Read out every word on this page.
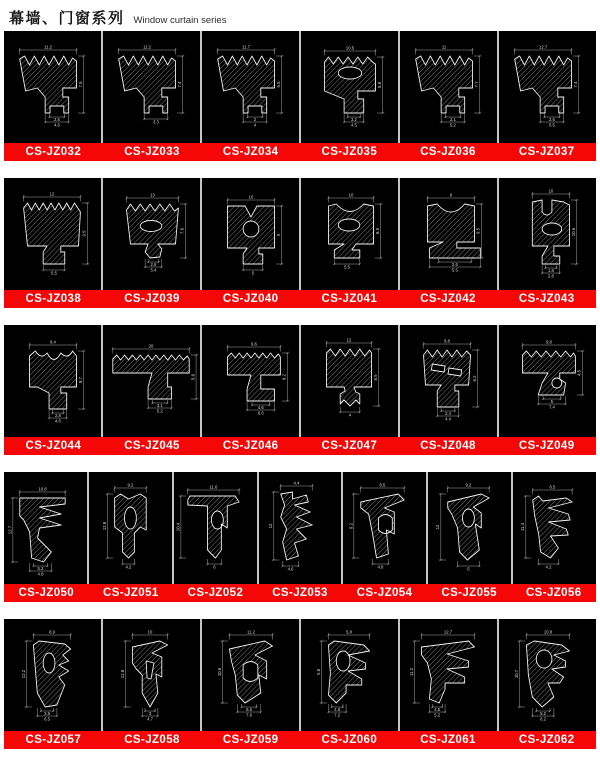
幕墙、门窗系列 Window curtain series
11.2
7.5
2.5
4.6
11.2
7.4
3.3
11.7
5.5
2
4
10.5
5.8
3.2
4.5
11
7.7
2.1
5.2
12.7
7.4
2.6
5.5
CS-JZ032	CS-JZ033	CS-JZ034	CS-JZ035	CS-JZ036	CS-JZ037
12
9.5
5.5
13
7.6
2.6
5.4
10
9
5
10
8.5
5.5
9
9.5
2.6
5.5
10
10.6
1.8
2.8
CS-JZ038	CS-JZ039	CS-JZ040	CS-JZ041	CS-JZ042	CS-JZ043
9.4
8.7
2.8
4.6
20
5.6
3.1
5.2
9.6
8.2
4.6
6.6
12
8.9
4
8.8
6.2
2.4
4.4
9.8
4.5
5
7.4
CS-JZ044	CS-JZ045	CS-JZ046	CS-JZ047	CS-JZ048	CS-JZ049
10.8
12.7
5.2
4.8
9.2
12.8
4.2
11.6
10.4
6
4.4
12
4.6
8.5
9.2
4.8
9.2
12
5
6.5
11.4
4.2
CS-JZ050	CS-JZ051	CS-JZ052	CS-JZ053	CS-JZ054	CS-JZ055	CS-JZ056
8.9
12.2
3.9
6.5
10
12.8
3
4.7
11.2
10.5
5.5
7.6
5.8
9.8
4.6
7.2
12.7
11.2
4.5
5.2
10.8
10.7
5.2
8.2
CS-JZ057	CS-JZ058	CS-JZ059	CS-JZ060	CS-JZ061	CS-JZ062
